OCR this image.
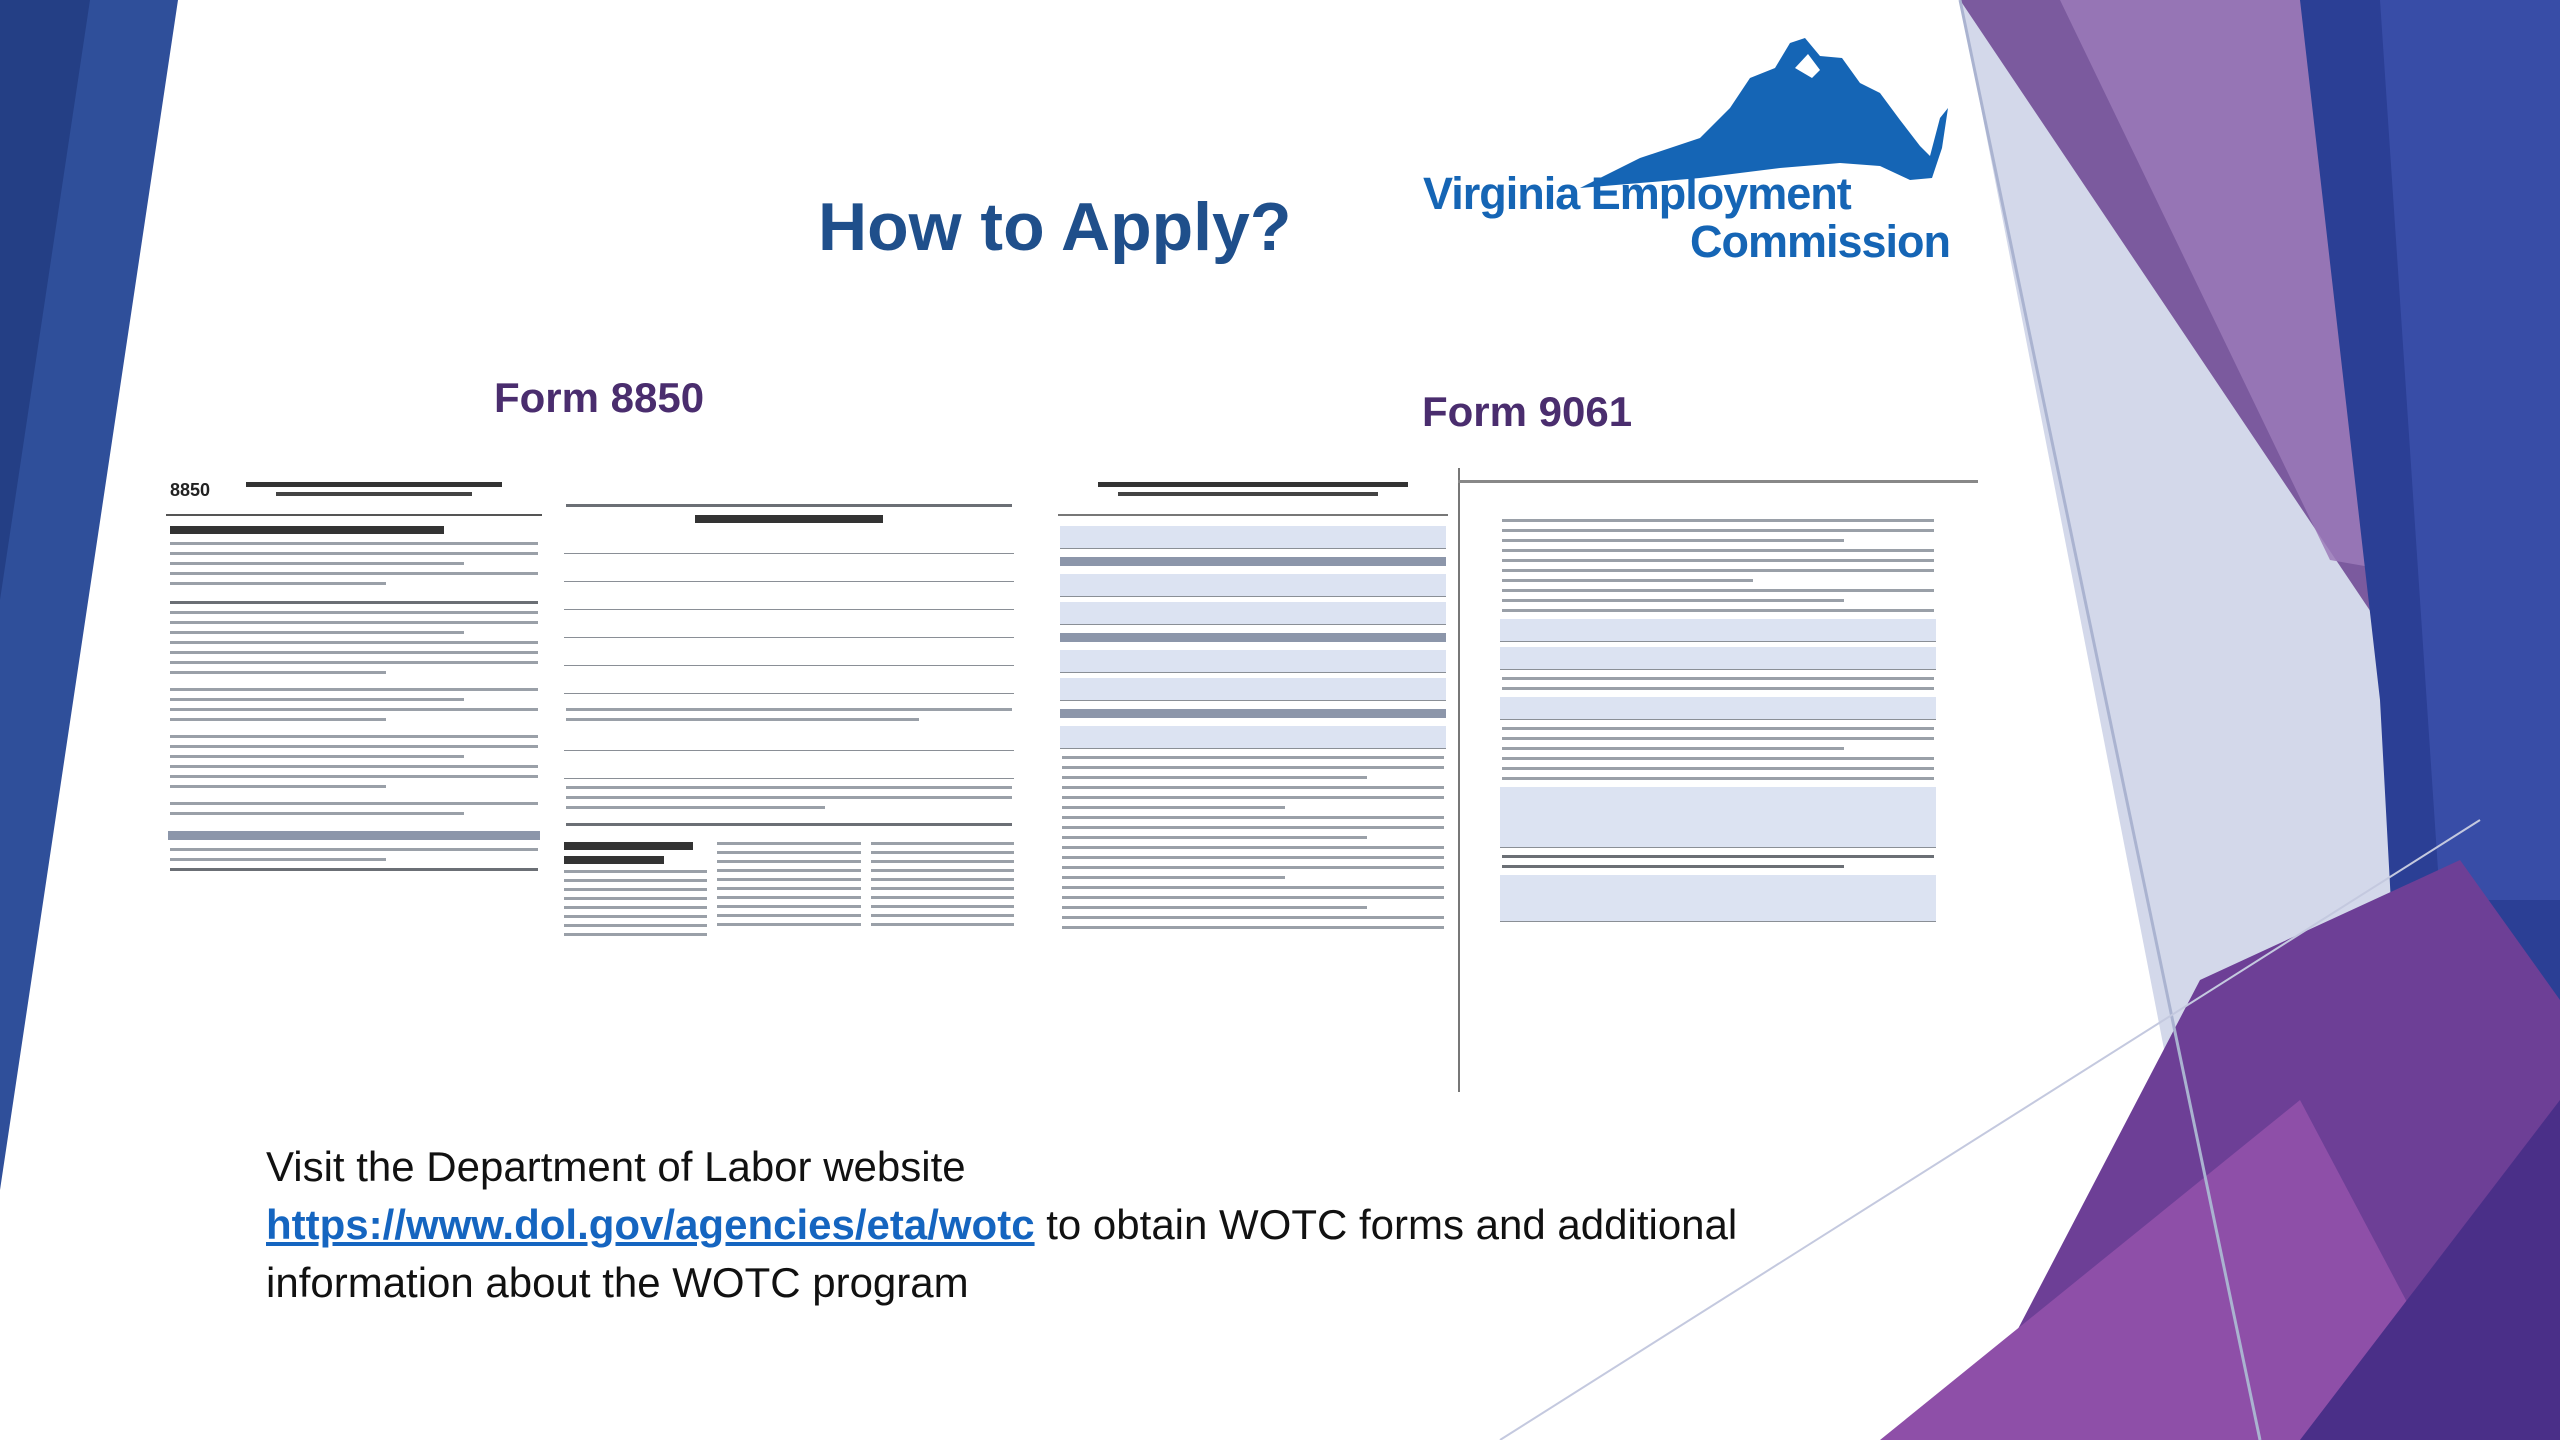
How to Apply?	Virginia Employment
Commission
Form 8850	Form 9061
8850

Visit the Department of Labor website

https://www.dol.gov/agencies/eta/wotc to obtain WOTC forms and additional

information about the WOTC program
